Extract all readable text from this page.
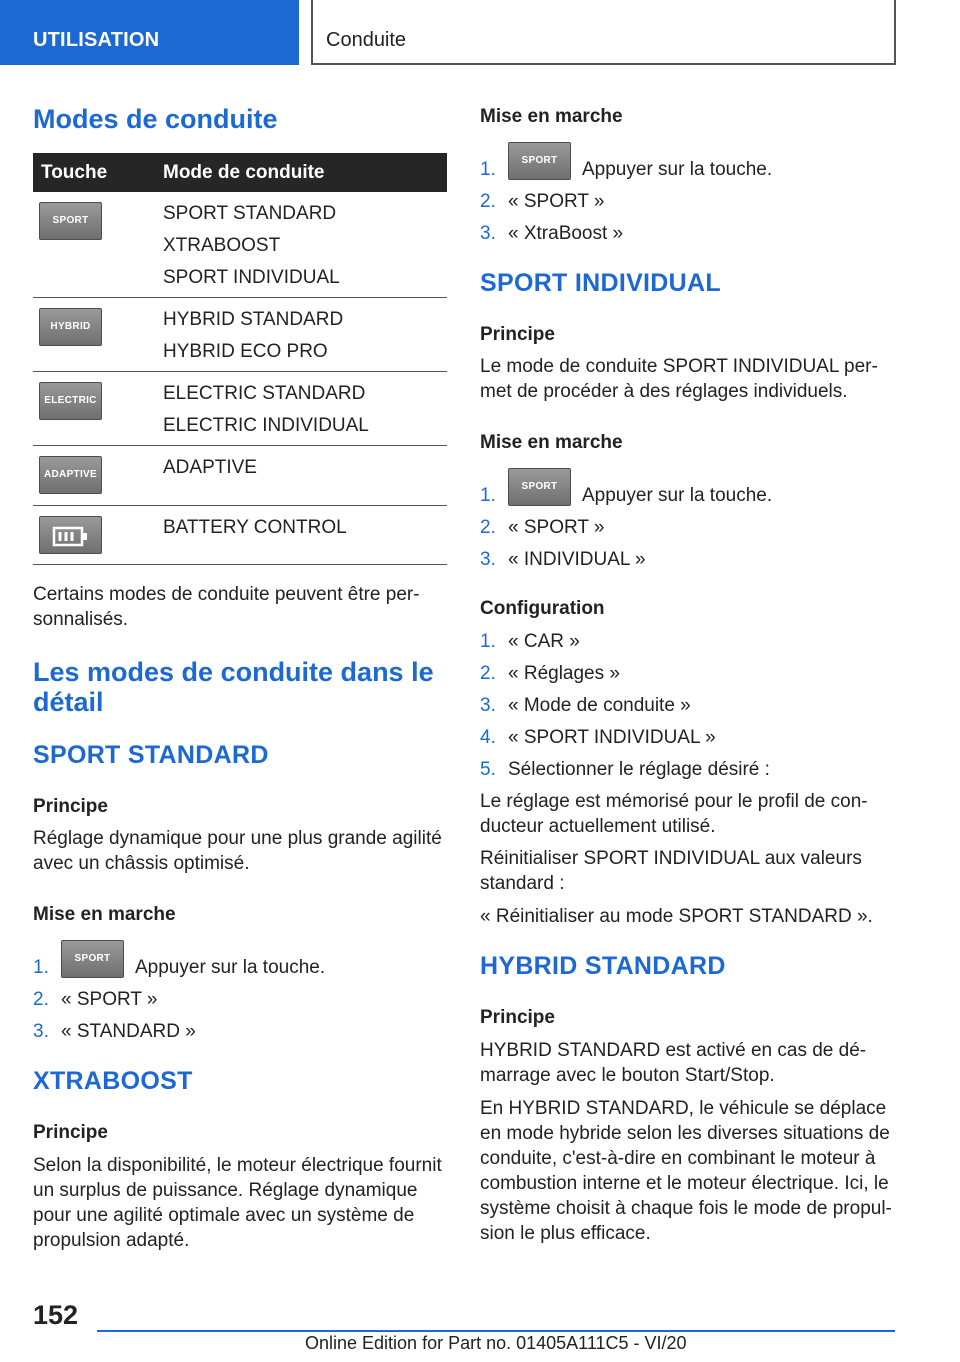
UTILISATION	Conduite
Modes de conduite
Touche	Mode de conduite
SPORT	SPORT STANDARD
XTRABOOST
SPORT INDIVIDUAL

HYBRID	HYBRID STANDARD
HYBRID ECO PRO

ELECTRIC	ELECTRIC STANDARD
ELECTRIC INDIVIDUAL

ADAPTIVE	ADAPTIVE

BATTERY CONTROL
Certains modes de conduite peuvent être per-
sonnalisés.
Les modes de conduite dans le
détail
SPORT STANDARD
Principe
Réglage dynamique pour une plus grande agilité
avec un châssis optimisé.
Mise en marche
1.	SPORT	Appuyer sur la touche.
2. « SPORT »
3. « STANDARD »
XTRABOOST
Principe
Selon la disponibilité, le moteur électrique fournit
un surplus de puissance. Réglage dynamique
pour une agilité optimale avec un système de
propulsion adapté.
Mise en marche
1.	SPORT	Appuyer sur la touche.
2. « SPORT »
3. « XtraBoost »
SPORT INDIVIDUAL
Principe
Le mode de conduite SPORT INDIVIDUAL per-
met de procéder à des réglages individuels.
Mise en marche
1.	SPORT	Appuyer sur la touche.
2. « SPORT »
3. « INDIVIDUAL »
Configuration
1. « CAR »
2. « Réglages »
3. « Mode de conduite »
4. « SPORT INDIVIDUAL »
5. Sélectionner le réglage désiré :
Le réglage est mémorisé pour le profil de con-
ducteur actuellement utilisé.
Réinitialiser SPORT INDIVIDUAL aux valeurs
standard :
« Réinitialiser au mode SPORT STANDARD ».
HYBRID STANDARD
Principe
HYBRID STANDARD est activé en cas de dé-
marrage avec le bouton Start/Stop.
En HYBRID STANDARD, le véhicule se déplace
en mode hybride selon les diverses situations de
conduite, c'est-à-dire en combinant le moteur à
combustion interne et le moteur électrique. Ici, le
système choisit à chaque fois le mode de propul-
sion le plus efficace.
152
Online Edition for Part no. 01405A111C5 - VI/20
